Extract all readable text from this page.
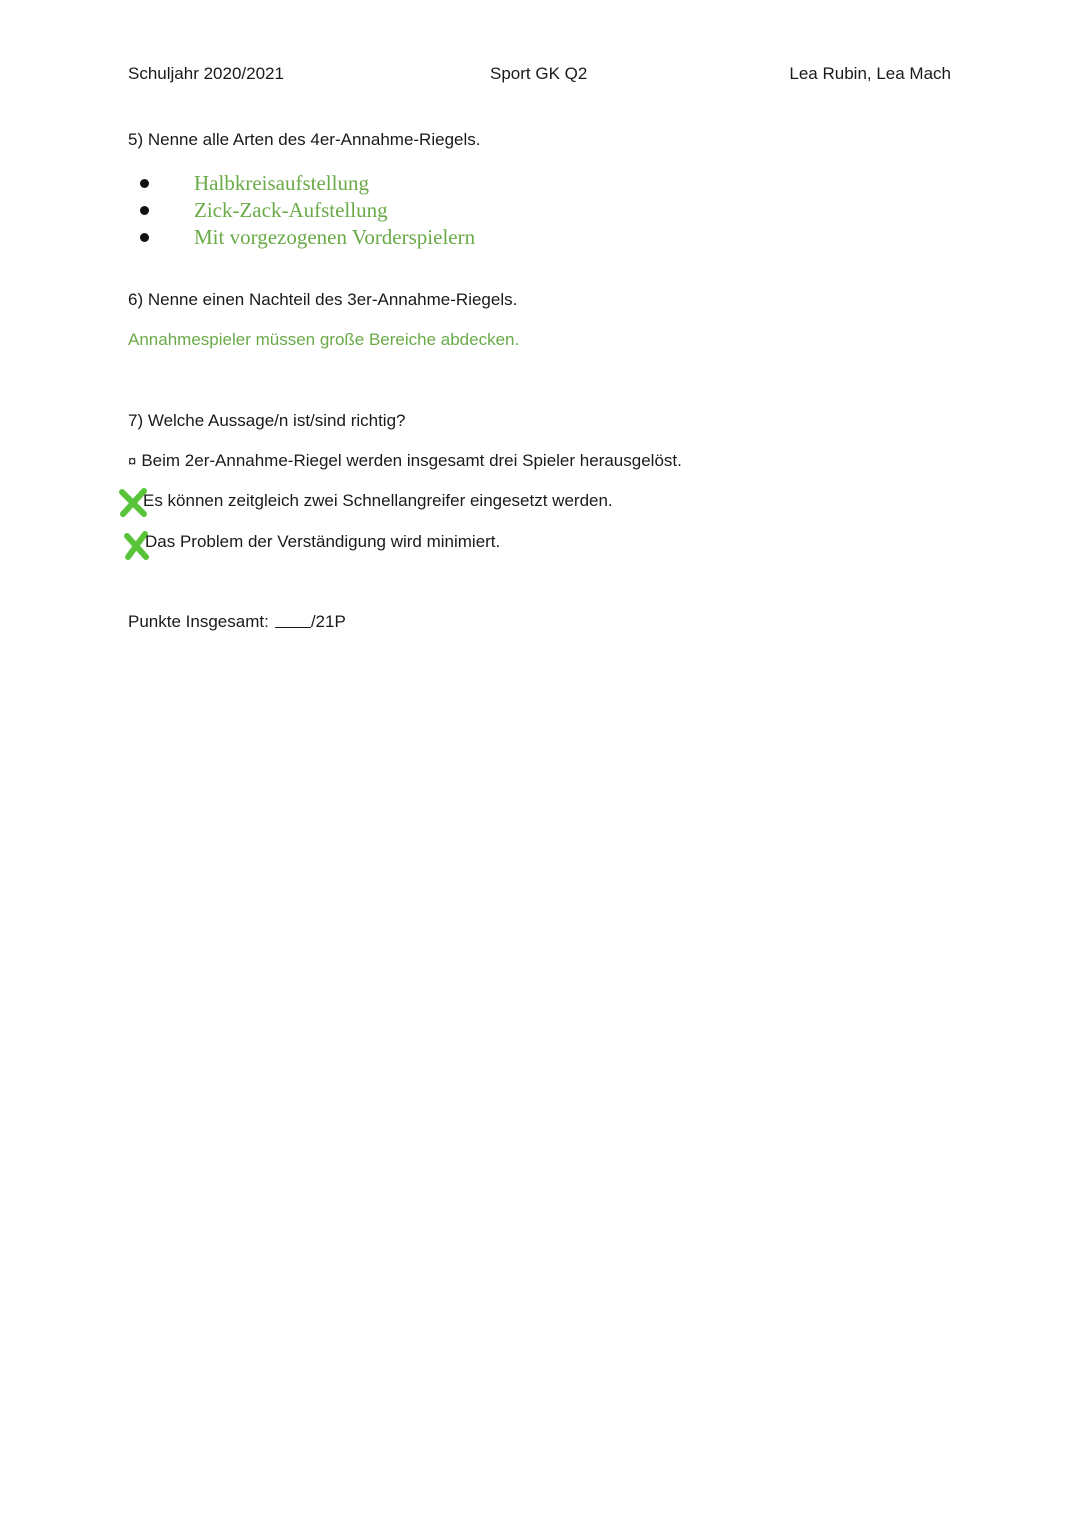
Schuljahr 2020/2021	Sport GK Q2	Lea Rubin, Lea Mach
5) Nenne alle Arten des 4er-Annahme-Riegels.
Halbkreisaufstellung
Zick-Zack-Aufstellung
Mit vorgezogenen Vorderspielern
6) Nenne einen Nachteil des 3er-Annahme-Riegels.
Annahmespieler müssen große Bereiche abdecken.
7) Welche Aussage/n ist/sind richtig?
¤ Beim 2er-Annahme-Riegel werden insgesamt drei Spieler herausgelöst.
Es können zeitgleich zwei Schnellangreifer eingesetzt werden.
Das Problem der Verständigung wird minimiert.
Punkte Insgesamt: /21P
